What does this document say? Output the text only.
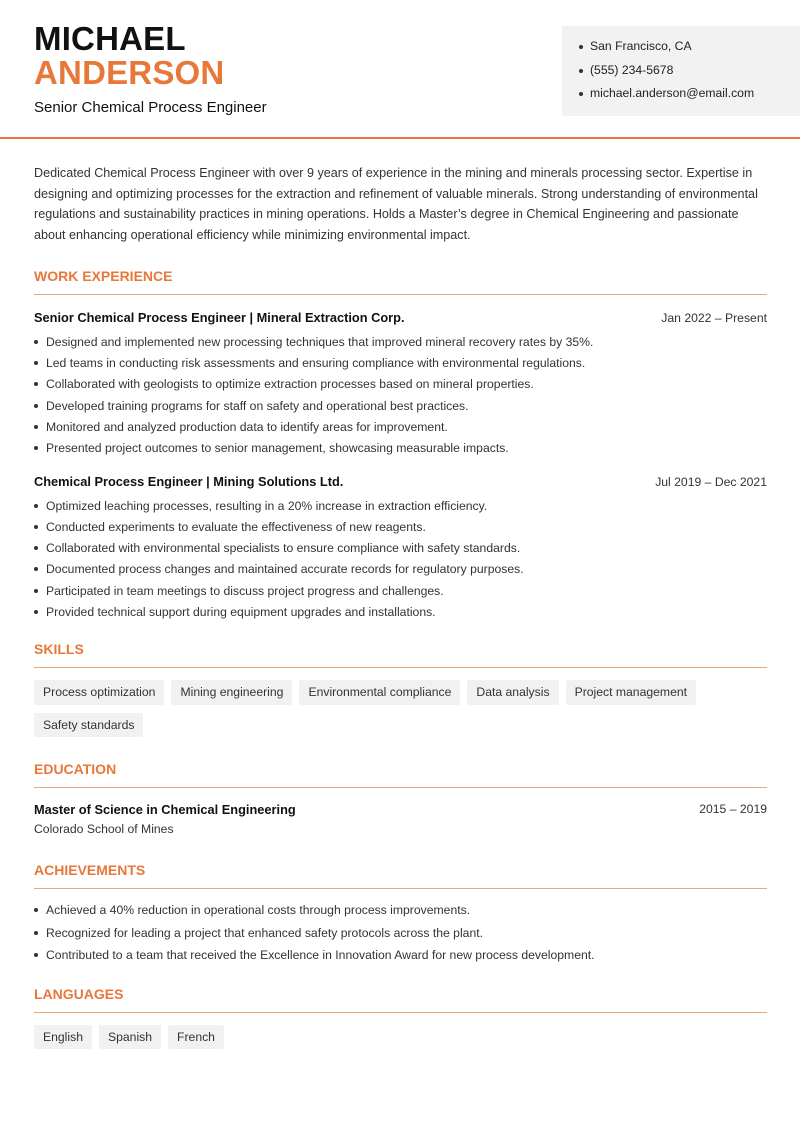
MICHAEL
ANDERSON
Senior Chemical Process Engineer
San Francisco, CA
(555) 234-5678
michael.anderson@email.com

Dedicated Chemical Process Engineer with over 9 years of experience in the mining and minerals processing sector. Expertise in designing and optimizing processes for the extraction and refinement of valuable minerals. Strong understanding of environmental regulations and sustainability practices in mining operations. Holds a Master’s degree in Chemical Engineering and passionate about enhancing operational efficiency while minimizing environmental impact.

WORK EXPERIENCE
Senior Chemical Process Engineer | Mineral Extraction Corp.	Jan 2022 – Present
Designed and implemented new processing techniques that improved mineral recovery rates by 35%.
Led teams in conducting risk assessments and ensuring compliance with environmental regulations.
Collaborated with geologists to optimize extraction processes based on mineral properties.
Developed training programs for staff on safety and operational best practices.
Monitored and analyzed production data to identify areas for improvement.
Presented project outcomes to senior management, showcasing measurable impacts.
Chemical Process Engineer | Mining Solutions Ltd.	Jul 2019 – Dec 2021
Optimized leaching processes, resulting in a 20% increase in extraction efficiency.
Conducted experiments to evaluate the effectiveness of new reagents.
Collaborated with environmental specialists to ensure compliance with safety standards.
Documented process changes and maintained accurate records for regulatory purposes.
Participated in team meetings to discuss project progress and challenges.
Provided technical support during equipment upgrades and installations.
SKILLS
Process optimization	Mining engineering	Environmental compliance	Data analysis	Project management
Safety standards
EDUCATION
Master of Science in Chemical Engineering	2015 – 2019
Colorado School of Mines
ACHIEVEMENTS
Achieved a 40% reduction in operational costs through process improvements.
Recognized for leading a project that enhanced safety protocols across the plant.
Contributed to a team that received the Excellence in Innovation Award for new process development.
LANGUAGES
English	Spanish	French
